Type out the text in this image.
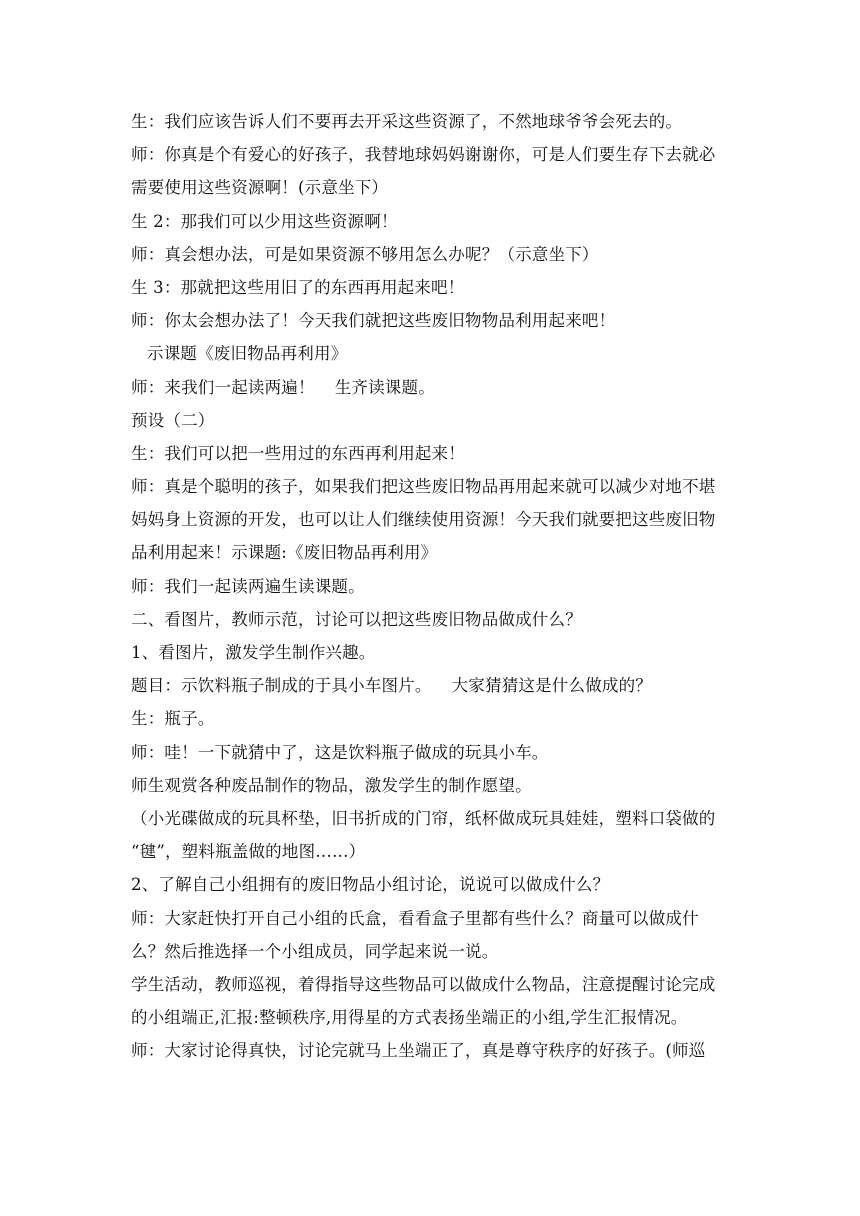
生：我们应该告诉人们不要再去开采这些资源了，不然地球爷爷会死去的。
师：你真是个有爱心的好孩子，我替地球妈妈谢谢你，可是人们要生存下去就必
需要使用这些资源啊！(示意坐下）
生 2：那我们可以少用这些资源啊！
师：真会想办法，可是如果资源不够用怎么办呢？（示意坐下）
生 3：那就把这些用旧了的东西再用起来吧！
师：你太会想办法了！今天我们就把这些废旧物物品利用起来吧！
示课题《废旧物品再利用》
师：来我们一起读两遍！ 生齐读课题。
预设（二）
生：我们可以把一些用过的东西再利用起来！
师：真是个聪明的孩子，如果我们把这些废旧物品再用起来就可以减少对地不堪
妈妈身上资源的开发，也可以让人们继续使用资源！今天我们就要把这些废旧物
品利用起来！示课题:《废旧物品再利用》
师：我们一起读两遍生读课题。
二、看图片，教师示范，讨论可以把这些废旧物品做成什么？
1、看图片，激发学生制作兴趣。
题目：示饮料瓶子制成的于具小车图片。 大家猜猜这是什么做成的？
生：瓶子。
师：哇！一下就猜中了，这是饮料瓶子做成的玩具小车。
师生观赏各种废品制作的物品，激发学生的制作愿望。
（小光碟做成的玩具杯垫，旧书折成的门帘，纸杯做成玩具娃娃，塑料口袋做的
“毽”，塑料瓶盖做的地图……）
2、了解自己小组拥有的废旧物品小组讨论，说说可以做成什么？
师：大家赶快打开自己小组的氏盒，看看盒子里都有些什么？商量可以做成什
么？然后推选择一个小组成员，同学起来说一说。
学生活动，教师巡视，着得指导这些物品可以做成什么物品，注意提醒讨论完成
的小组端正,汇报:整顿秩序,用得星的方式表扬坐端正的小组,学生汇报情况。
师：大家讨论得真快，讨论完就马上坐端正了，真是尊守秩序的好孩子。(师巡
